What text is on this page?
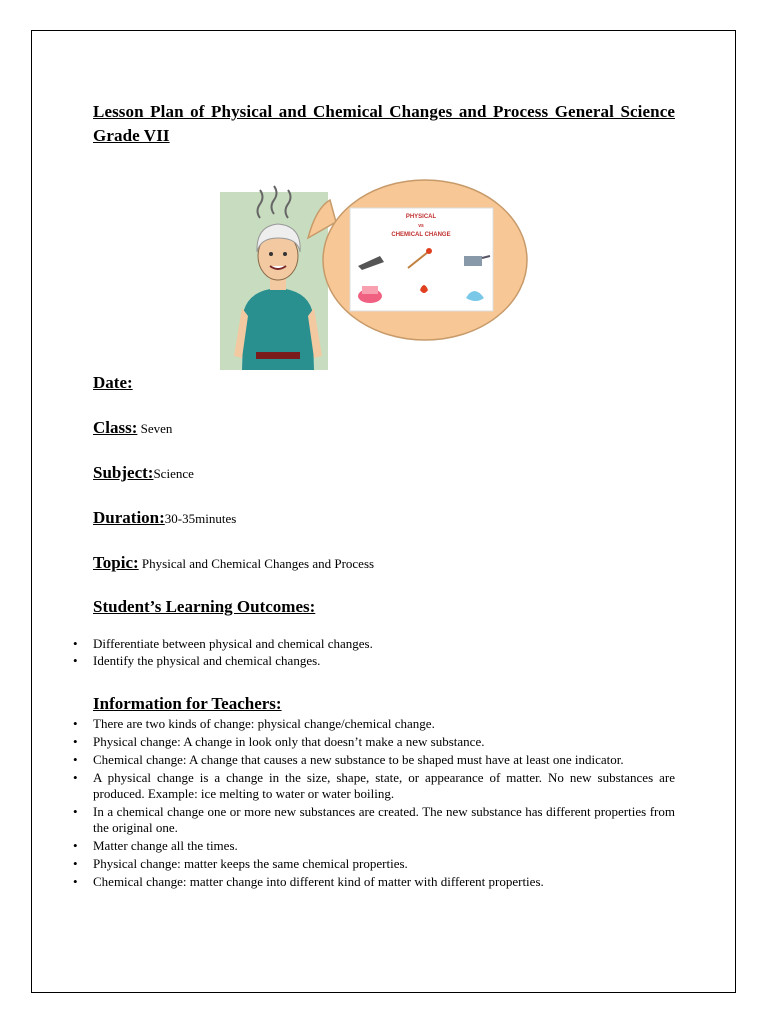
Lesson Plan of Physical and Chemical Changes and Process General Science Grade VII
PHYSICAL
vs
CHEMICAL CHANGE
Date:
Class: Seven
Subject:Science
Duration:30-35minutes
Topic: Physical and Chemical Changes and Process
Student’s Learning Outcomes:
• Differentiate between physical and chemical changes.
• Identify the physical and chemical changes.
Information for Teachers:
• There are two kinds of change: physical change/chemical change.
• Physical change: A change in look only that doesn’t make a new substance.
• Chemical change: A change that causes a new substance to be shaped must have at least one indicator.
• A physical change is a change in the size, shape, state, or appearance of matter. No new substances are produced. Example: ice melting to water or water boiling.
• In a chemical change one or more new substances are created. The new substance has different properties from the original one.
• Matter change all the times.
• Physical change: matter keeps the same chemical properties.
• Chemical change: matter change into different kind of matter with different properties.
